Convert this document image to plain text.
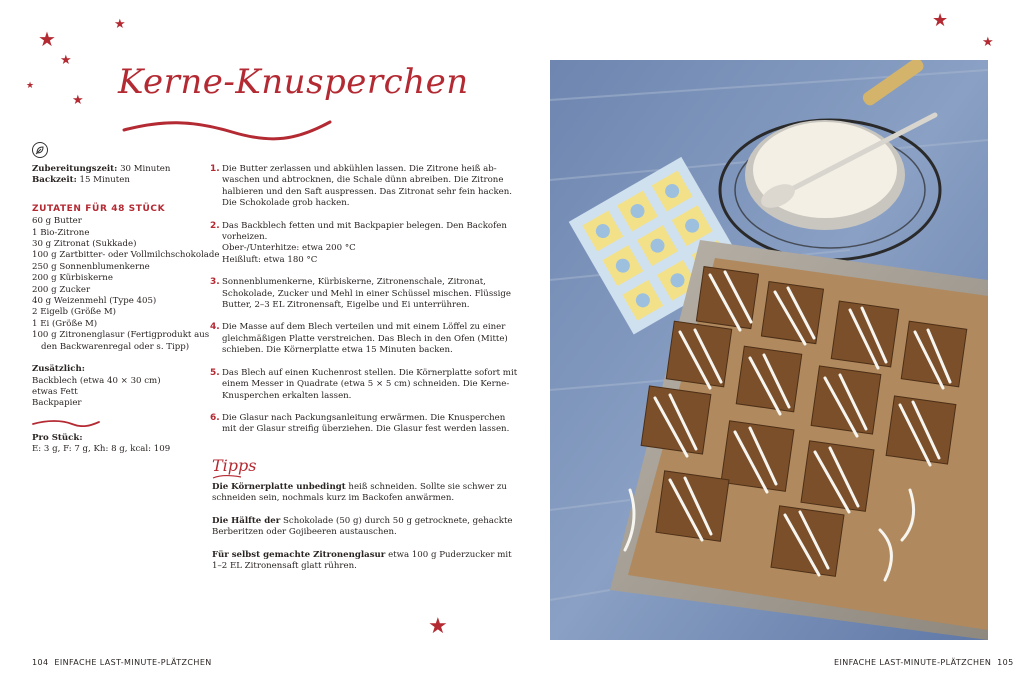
★
★
★
★
★
★
★
★
Kerne-Knusperchen
Zubereitungszeit: 30 Minuten
Backzeit: 15 Minuten
ZUTATEN FÜR 48 STÜCK
60 g Butter
1 Bio-Zitrone
30 g Zitronat (Sukkade)
100 g Zartbitter- oder Vollmilchschokolade
250 g Sonnenblumenkerne
200 g Kürbiskerne
200 g Zucker
40 g Weizenmehl (Type 405)
2 Eigelb (Größe M)
1 Ei (Größe M)
100 g Zitronenglasur (Fertigprodukt aus
den Backwarenregal oder s. Tipp)
Zusätzlich:
Backblech (etwa 40 × 30 cm)
etwas Fett
Backpapier
Pro Stück:
E: 3 g, F: 7 g, Kh: 8 g, kcal: 109
1. Die Butter zerlassen und abkühlen lassen. Die Zitrone heiß ab-
waschen und abtrocknen, die Schale dünn abreiben. Die Zitrone
halbieren und den Saft auspressen. Das Zitronat sehr fein hacken.
Die Schokolade grob hacken.
2. Das Backblech fetten und mit Backpapier belegen. Den Backofen
vorheizen.
Ober-/Unterhitze: etwa 200 °C
Heißluft: etwa 180 °C
3. Sonnenblumenkerne, Kürbiskerne, Zitronenschale, Zitronat,
Schokolade, Zucker und Mehl in einer Schüssel mischen. Flüssige
Butter, 2–3 EL Zitronensaft, Eigelbe und Ei unterrühren.
4. Die Masse auf dem Blech verteilen und mit einem Löffel zu einer
gleichmäßigen Platte verstreichen. Das Blech in den Ofen (Mitte)
schieben. Die Körnerplatte etwa 15 Minuten backen.
5. Das Blech auf einen Kuchenrost stellen. Die Körnerplatte sofort mit
einem Messer in Quadrate (etwa 5 × 5 cm) schneiden. Die Kerne-
Knusperchen erkalten lassen.
6. Die Glasur nach Packungsanleitung erwärmen. Die Knusperchen
mit der Glasur streifig überziehen. Die Glasur fest werden lassen.
Tipps
Die Körnerplatte unbedingt heiß schneiden. Sollte sie schwer zu
schneiden sein, nochmals kurz im Backofen anwärmen.
Die Hälfte der Schokolade (50 g) durch 50 g getrocknete, gehackte
Berberitzen oder Gojibeeren austauschen.
Für selbst gemachte Zitronenglasur etwa 100 g Puderzucker mit
1–2 EL Zitronensaft glatt rühren.
104 EINFACHE LAST-MINUTE-PLÄTZCHEN	EINFACHE LAST-MINUTE-PLÄTZCHEN 105
